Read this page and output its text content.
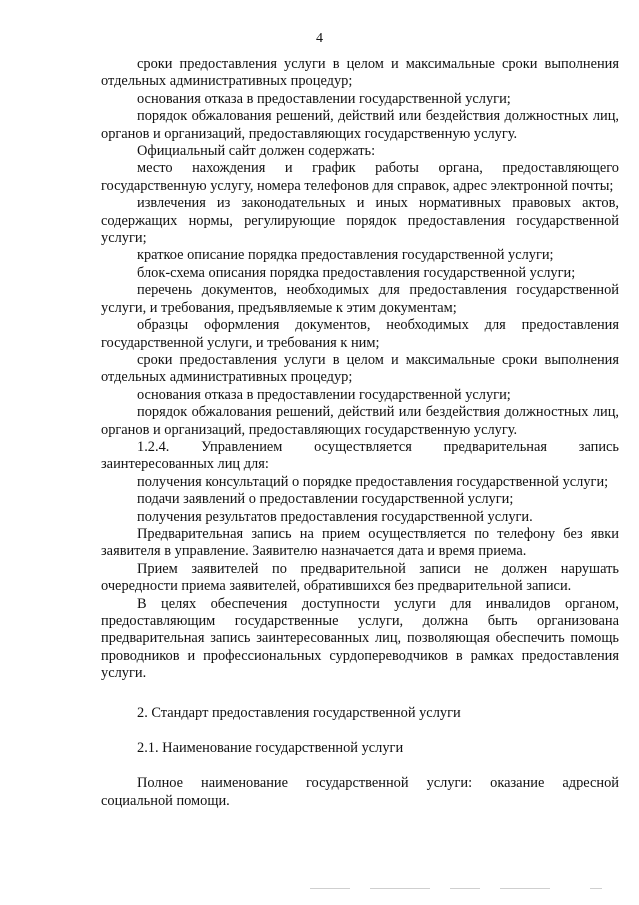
4

сроки предоставления услуги в целом и максимальные сроки выполнения отдельных административных процедур;

основания отказа в предоставлении государственной услуги;

порядок обжалования решений, действий или бездействия должностных лиц, органов и организаций, предоставляющих государственную услугу.

Официальный сайт должен содержать:

место нахождения и график работы органа, предоставляющего государственную услугу, номера телефонов для справок, адрес электронной почты;

извлечения из законодательных и иных нормативных правовых актов, содержащих нормы, регулирующие порядок предоставления государственной услуги;

краткое описание порядка предоставления государственной услуги;

блок-схема описания порядка предоставления государственной услуги;

перечень документов, необходимых для предоставления государственной услуги, и требования, предъявляемые к этим документам;

образцы оформления документов, необходимых для предоставления государственной услуги, и требования к ним;

сроки предоставления услуги в целом и максимальные сроки выполнения отдельных административных процедур;

основания отказа в предоставлении государственной услуги;

порядок обжалования решений, действий или бездействия должностных лиц, органов и организаций, предоставляющих государственную услугу.

1.2.4. Управлением осуществляется предварительная запись заинтересованных лиц для:

получения консультаций о порядке предоставления государственной услуги;

подачи заявлений о предоставлении государственной услуги;

получения результатов предоставления государственной услуги.

Предварительная запись на прием осуществляется по телефону без явки заявителя в управление. Заявителю назначается дата и время приема.

Прием заявителей по предварительной записи не должен нарушать очередности приема заявителей, обратившихся без предварительной записи.

В целях обеспечения доступности услуги для инвалидов органом, предоставляющим государственные услуги, должна быть организована предварительная запись заинтересованных лиц, позволяющая обеспечить помощь проводников и профессиональных сурдопереводчиков в рамках предоставления услуги.

2. Стандарт предоставления государственной услуги

2.1. Наименование государственной услуги

Полное наименование государственной услуги: оказание адресной социальной помощи.
